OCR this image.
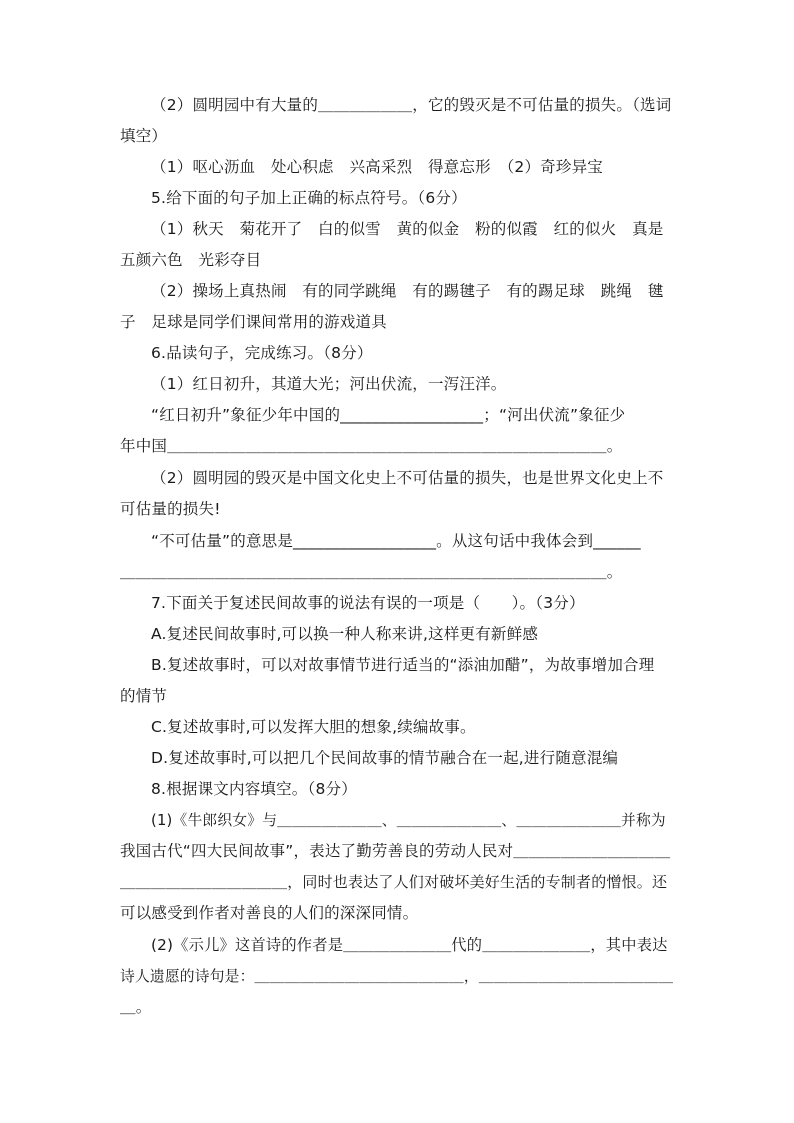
（2）圆明园中有大量的＿＿＿＿＿＿，它的毁灭是不可估量的损失。（选词
填空）
（1）呕心沥血　处心积虑　兴高采烈　得意忘形　（2）奇珍异宝
5.给下面的句子加上正确的标点符号。（6分）
（1）秋天　菊花开了　白的似雪　黄的似金　粉的似霞　红的似火　真是
五颜六色　光彩夺目
（2）操场上真热闹　有的同学跳绳　有的踢毽子　有的踢足球　跳绳　毽
子　足球是同学们课间常用的游戏道具
6.品读句子，完成练习。（8分）
（1）红日初升，其道大光；河出伏流，一泻汪洋。
“红日初升”象征少年中国的__________________；“河出伏流”象征少
年中国＿＿＿＿＿＿＿＿＿＿＿＿＿＿＿＿＿＿＿＿＿＿＿＿＿＿＿＿。
（2）圆明园的毁灭是中国文化史上不可估量的损失，也是世界文化史上不
可估量的损失!
“不可估量”的意思是__________________。从这句话中我体会到______
＿＿＿＿＿＿＿＿＿＿＿＿＿＿＿＿＿＿＿＿＿＿＿＿＿＿＿＿＿＿＿。
7.下面关于复述民间故事的说法有误的一项是（　　）。（3分）
A.复述民间故事时,可以换一种人称来讲,这样更有新鲜感
B.复述故事时，可以对故事情节进行适当的“添油加醋”，为故事增加合理
的情节
C.复述故事时,可以发挥大胆的想象,续编故事。
D.复述故事时,可以把几个民间故事的情节融合在一起,进行随意混编
8.根据课文内容填空。（8分）
(1)《牛郎织女》与＿＿＿＿＿＿＿、＿＿＿＿＿＿＿、＿＿＿＿＿＿＿并称为
我国古代“四大民间故事”，表达了勤劳善良的劳动人民对＿＿＿＿＿＿＿＿＿＿
＿＿＿＿＿＿＿＿＿＿＿，同时也表达了人们对破坏美好生活的专制者的憎恨。还
可以感受到作者对善良的人们的深深同情。
(2)《示儿》这首诗的作者是＿＿＿＿＿＿＿代的＿＿＿＿＿＿＿，其中表达
诗人遗愿的诗句是：＿＿＿＿＿＿＿＿＿＿＿＿＿＿，＿＿＿＿＿＿＿＿＿＿＿＿＿
＿。
